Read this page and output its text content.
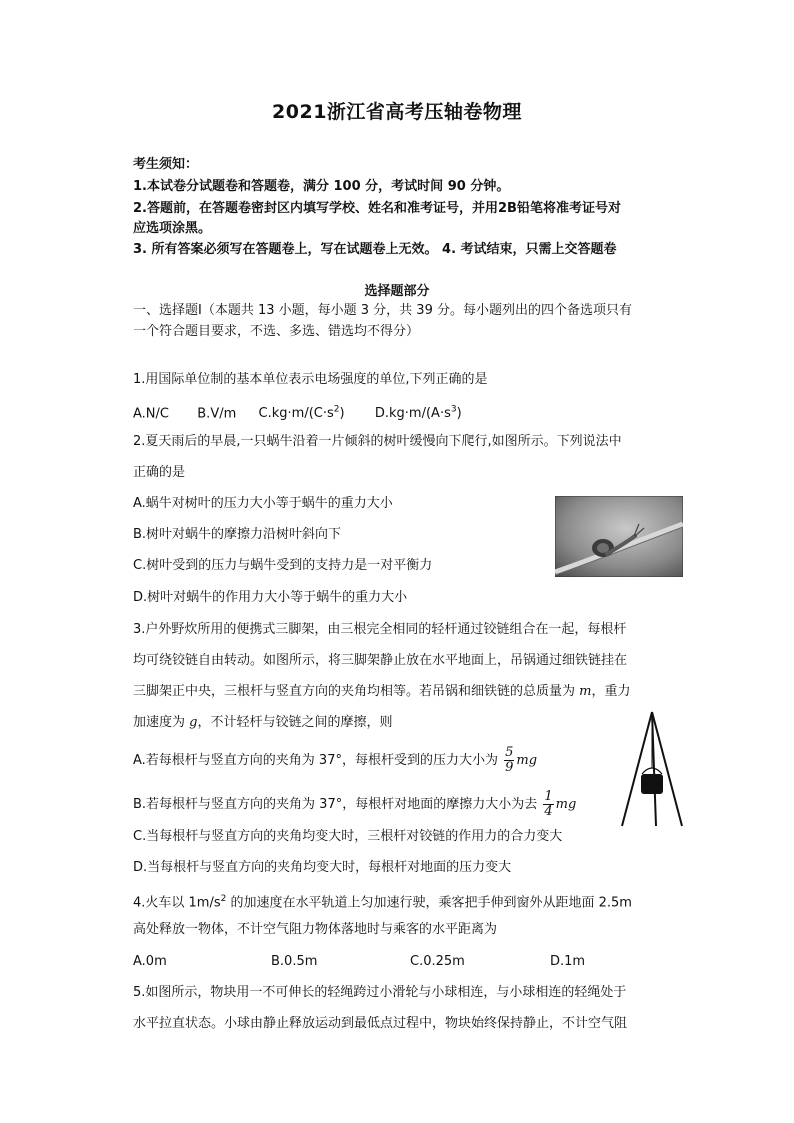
2021浙江省高考压轴卷物理
考生须知：
1.本试卷分试题卷和答题卷，满分 100 分，考试时间 90 分钟。
2.答题前，在答题卷密封区内填写学校、姓名和准考证号，并用2B铅笔将准考证号对
应选项涂黑。
3. 所有答案必须写在答题卷上，写在试题卷上无效。 4. 考试结束，只需上交答题卷
选择题部分
一、选择题Ⅰ（本题共 13 小题，每小题 3 分，共 39 分。每小题列出的四个备选项只有
一个符合题目要求，不选、多选、错选均不得分）
1.用国际单位制的基本单位表示电场强度的单位,下列正确的是
A.N/C B.V/m $C.kg\cdot m/(C\cdot s^2)$ $D.kg\cdot m/(A\cdot s^3)$
2.夏天雨后的早晨,一只蜗牛沿着一片倾斜的树叶缓慢向下爬行,如图所示。下列说法中
正确的是
A.蜗牛对树叶的压力大小等于蜗牛的重力大小
B.树叶对蜗牛的摩擦力沿树叶斜向下
C.树叶受到的压力与蜗牛受到的支持力是一对平衡力
D.树叶对蜗牛的作用力大小等于蜗牛的重力大小
3.户外野炊所用的便携式三脚架，由三根完全相同的轻杆通过铰链组合在一起，每根杆
均可绕铰链自由转动。如图所示，将三脚架静止放在水平地面上，吊锅通过细铁链挂在
三脚架正中央，三根杆与竖直方向的夹角均相等。若吊锅和细铁链的总质量为 m，重力
加速度为 g，不计轻杆与铰链之间的摩擦，则
A.若每根杆与竖直方向的夹角为 37°，每根杆受到的压力大小为 $\frac{5}{9}$ mg
B.若每根杆与竖直方向的夹角为 37°，每根杆对地面的摩擦力大小为去 $\frac{1}{4}$ mg
C.当每根杆与竖直方向的夹角均变大时，三根杆对铰链的作用力的合力变大
D.当每根杆与竖直方向的夹角均变大时，每根杆对地面的压力变大
4.火车以 $1m/s^2$ 的加速度在水平轨道上匀加速行驶，乘客把手伸到窗外从距地面 2.5m
高处释放一物体，不计空气阻力物体落地时与乘客的水平距离为
A.0m	B.0.5m	C.0.25m	D.1m
5.如图所示，物块用一不可伸长的轻绳跨过小滑轮与小球相连，与小球相连的轻绳处于
水平拉直状态。小球由静止释放运动到最低点过程中，物块始终保持静止，不计空气阻
